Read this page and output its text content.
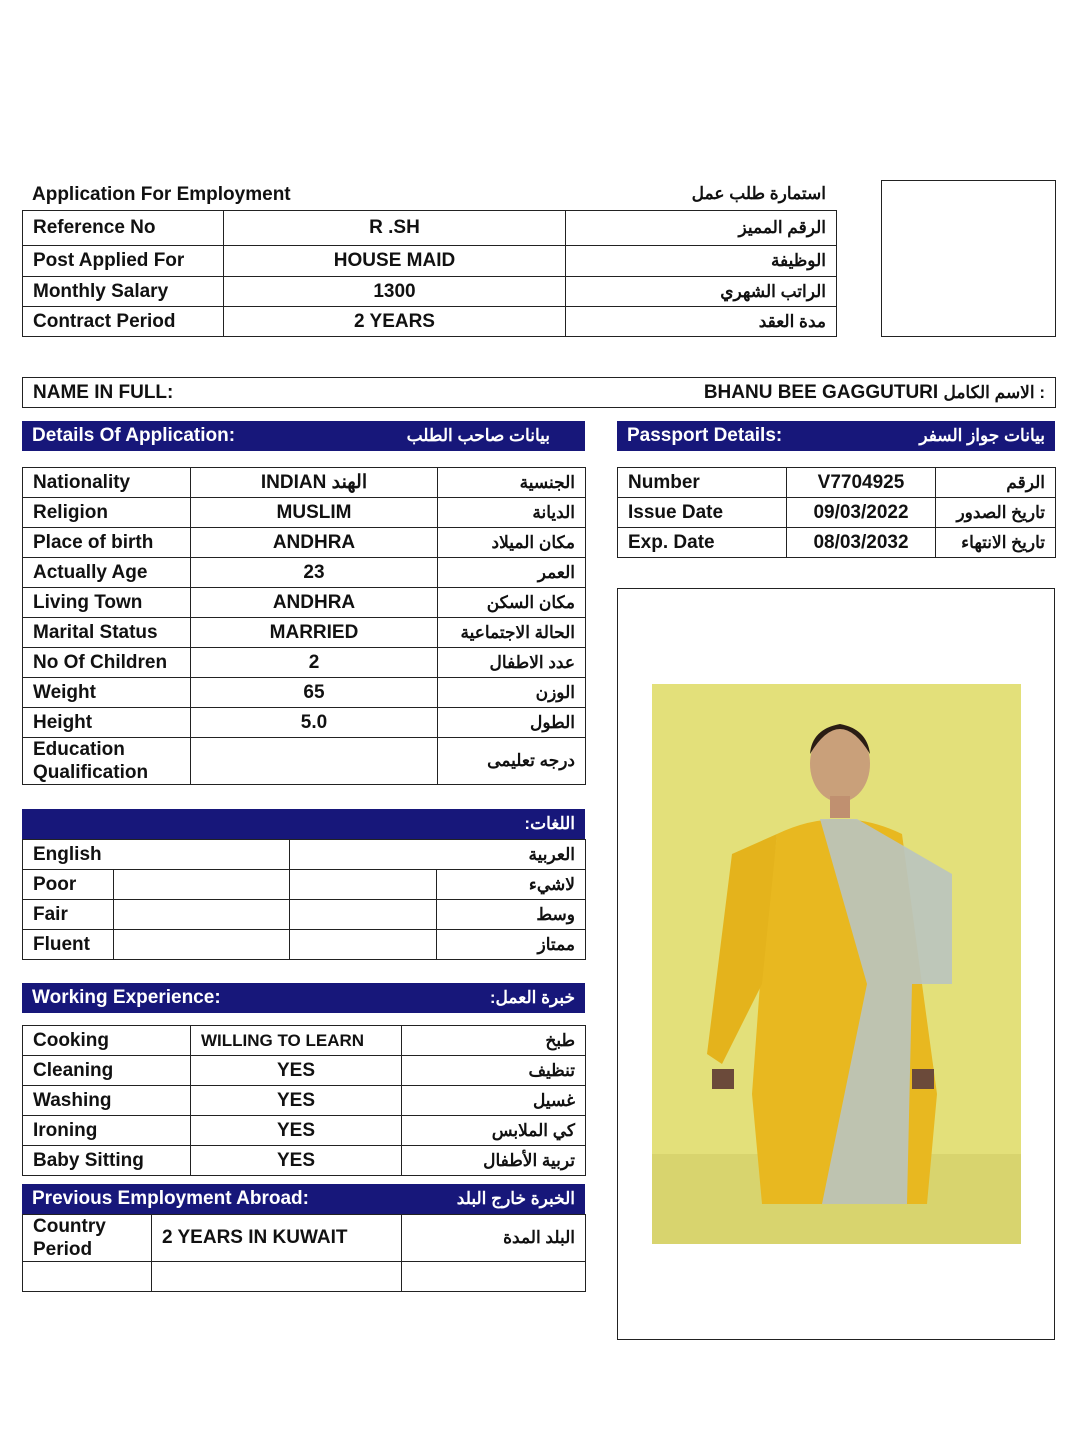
Application For Employment	استمارة طلب عمل
Reference No	R .SH	الرقم المميز
Post Applied For	HOUSE MAID	الوظيفة
Monthly Salary	1300	الراتب الشهري
Contract Period	2 YEARS	مدة العقد
NAME IN FULL:	BHANU BEE GAGGUTURI : الاسم الكامل
Details Of Application:	بيانات صاحب الطلب	Passport Details:	بيانات جواز السفر
Nationality	INDIAN الهند	الجنسية
Religion	MUSLIM	الديانة
Place of birth	ANDHRA	مكان الميلاد
Actually Age	23	العمر
Living Town	ANDHRA	مكان السكن
Marital Status	MARRIED	الحالة الاجتماعية
No Of Children	2	عدد الاطفال
Weight	65	الوزن
Height	5.0	الطول
Education Qualification		درجه تعليمى
Number	V7704925	الرقم
Issue Date	09/03/2022	تاريخ الصدور
Exp. Date	08/03/2032	تاريخ الانتهاء
اللغات:
English		العربية	
Poor			لاشيء
Fair			وسط
Fluent			ممتاز
Working Experience:	خبرة العمل:
Cooking	WILLING TO LEARN	طبخ
Cleaning	YES	تنظيف
Washing	YES	غسيل
Ironing	YES	كي الملابس
Baby Sitting	YES	تربية الأطفال
Previous Employment Abroad:	الخبرة خارج البلد
Country Period	2 YEARS IN KUWAIT	البلد المدة
